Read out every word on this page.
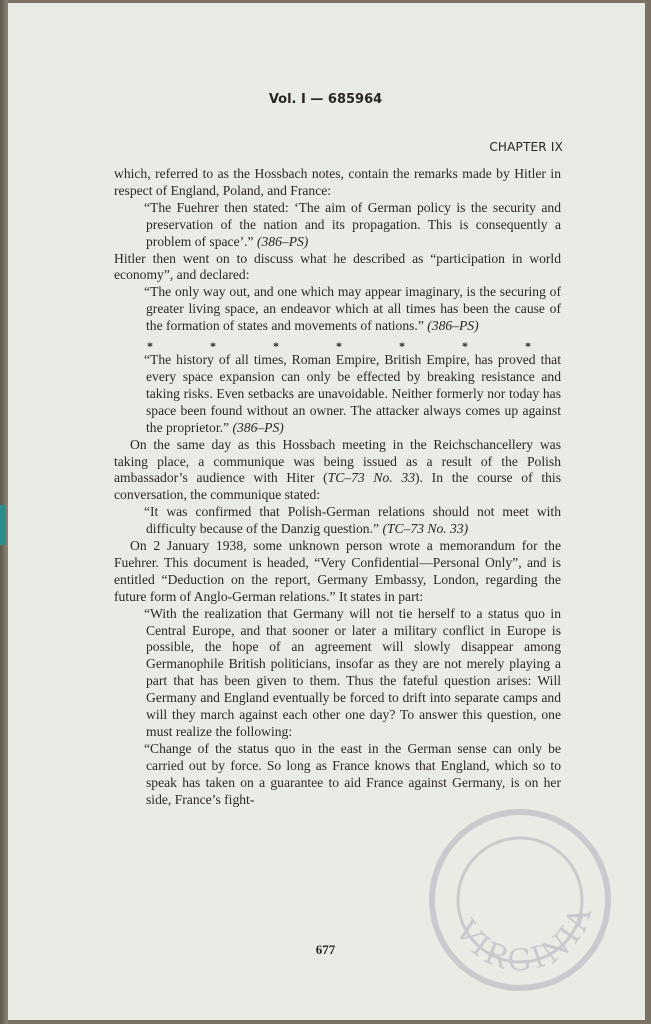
Vol. I — 685964
CHAPTER IX

which, referred to as the Hossbach notes, contain the remarks made by Hitler in respect of England, Poland, and France:

“The Fuehrer then stated: ‘The aim of German policy is the security and preservation of the nation and its propagation. This is consequently a problem of space’.” (386–PS)

Hitler then went on to discuss what he described as “participation in world economy”, and declared:

“The only way out, and one which may appear imaginary, is the securing of greater living space, an endeavor which at all times has been the cause of the formation of states and movements of nations.” (386–PS)

*	*	*	*	*	*	*

“The history of all times, Roman Empire, British Empire, has proved that every space expansion can only be effected by breaking resistance and taking risks. Even setbacks are unavoidable. Neither formerly nor today has space been found without an owner. The attacker always comes up against the proprietor.” (386–PS)

On the same day as this Hossbach meeting in the Reichschancellery was taking place, a communique was being issued as a result of the Polish ambassador’s audience with Hiter (TC–73 No. 33). In the course of this conversation, the communique stated:

“It was confirmed that Polish-German relations should not meet with difficulty because of the Danzig question.” (TC–73 No. 33)

On 2 January 1938, some unknown person wrote a memorandum for the Fuehrer. This document is headed, “Very Confidential—Personal Only”, and is entitled “Deduction on the report, Germany Embassy, London, regarding the future form of Anglo-German relations.” It states in part:

“With the realization that Germany will not tie herself to a status quo in Central Europe, and that sooner or later a military conflict in Europe is possible, the hope of an agreement will slowly disappear among Germanophile British politicians, insofar as they are not merely playing a part that has been given to them. Thus the fateful question arises: Will Germany and England eventually be forced to drift into separate camps and will they march against each other one day? To answer this question, one must realize the following:

“Change of the status quo in the east in the German sense can only be carried out by force. So long as France knows that England, which so to speak has taken on a guarantee to aid France against Germany, is on her side, France’s fight-

677	VIRGINIA
